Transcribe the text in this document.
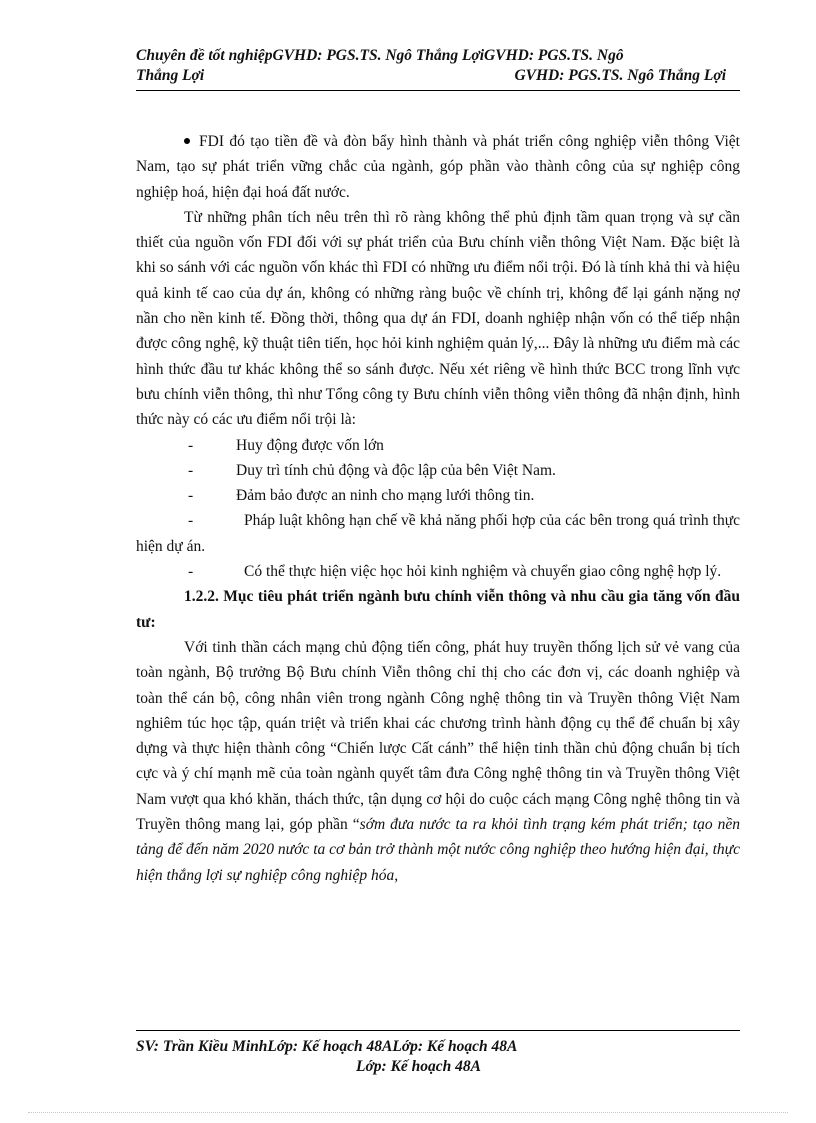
Chuyên đề tốt nghiệpGVHD: PGS.TS. Ngô Thắng LợiGVHD: PGS.TS. Ngô
Thắng Lợi	GVHD: PGS.TS. Ngô Thắng Lợi

FDI đó tạo tiền đề và đòn bẩy hình thành và phát triển công nghiệp viễn thông Việt Nam, tạo sự phát triển vững chắc của ngành, góp phần vào thành công của sự nghiệp công nghiệp hoá, hiện đại hoá đất nước.

Từ những phân tích nêu trên thì rõ ràng không thể phủ định tầm quan trọng và sự cần thiết của nguồn vốn FDI đối với sự phát triển của Bưu chính viễn thông Việt Nam. Đặc biệt là khi so sánh với các nguồn vốn khác thì FDI có những ưu điểm nổi trội. Đó là tính khả thi và hiệu quả kinh tế cao của dự án, không có những ràng buộc về chính trị, không để lại gánh nặng nợ nần cho nền kinh tế. Đồng thời, thông qua dự án FDI, doanh nghiệp nhận vốn có thể tiếp nhận được công nghệ, kỹ thuật tiên tiến, học hỏi kinh nghiệm quản lý,... Đây là những ưu điểm mà các hình thức đầu tư khác không thể so sánh được. Nếu xét riêng về hình thức BCC trong lĩnh vực bưu chính viễn thông, thì như Tổng công ty Bưu chính viễn thông viễn thông đã nhận định, hình thức này có các ưu điểm nổi trội là:

-	Huy động được vốn lớn
-	Duy trì tính chủ động và độc lập của bên Việt Nam.
-	Đảm bảo được an ninh cho mạng lưới thông tin.

-	Pháp luật không hạn chế về khả năng phối hợp của các bên trong quá trình thực hiện dự án.

-	Có thể thực hiện việc học hỏi kinh nghiệm và chuyển giao công nghệ hợp lý.

1.2.2. Mục tiêu phát triển ngành bưu chính viễn thông và nhu cầu gia tăng vốn đầu tư:

Với tinh thần cách mạng chủ động tiến công, phát huy truyền thống lịch sử vẻ vang của toàn ngành, Bộ trưởng Bộ Bưu chính Viễn thông chỉ thị cho các đơn vị, các doanh nghiệp và toàn thể cán bộ, công nhân viên trong ngành Công nghệ thông tin và Truyền thông Việt Nam nghiêm túc học tập, quán triệt và triển khai các chương trình hành động cụ thể để chuẩn bị xây dựng và thực hiện thành công “Chiến lược Cất cánh” thể hiện tinh thần chủ động chuẩn bị tích cực và ý chí mạnh mẽ của toàn ngành quyết tâm đưa Công nghệ thông tin và Truyền thông Việt Nam vượt qua khó khăn, thách thức, tận dụng cơ hội do cuộc cách mạng Công nghệ thông tin và Truyền thông mang lại, góp phần “sớm đưa nước ta ra khỏi tình trạng kém phát triển; tạo nền tảng để đến năm 2020 nước ta cơ bản trở thành một nước công nghiệp theo hướng hiện đại, thực hiện thắng lợi sự nghiệp công nghiệp hóa,

SV: Trần Kiều MinhLớp: Kế hoạch 48ALớp: Kế hoạch 48A
Lớp: Kế hoạch 48A
